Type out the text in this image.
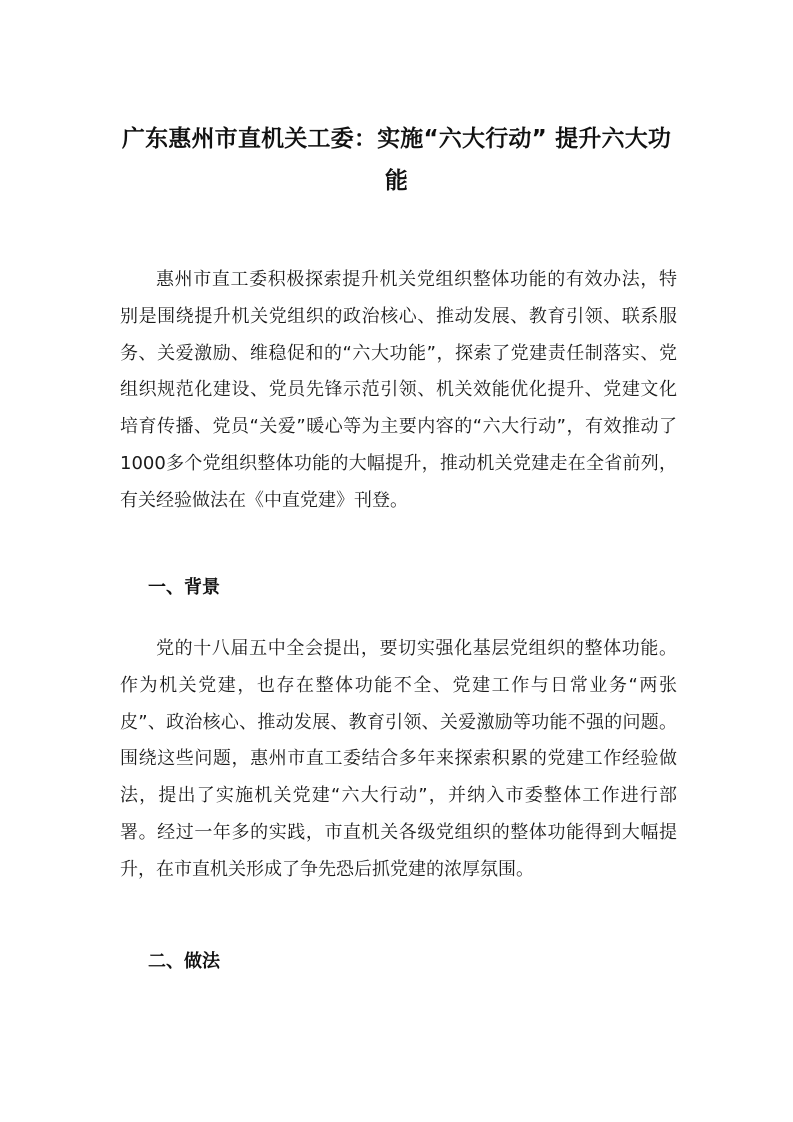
广东惠州市直机关工委：实施“六大行动” 提升六大功能

惠州市直工委积极探索提升机关党组织整体功能的有效办法，特别是围绕提升机关党组织的政治核心、推动发展、教育引领、联系服务、关爱激励、维稳促和的“六大功能”，探索了党建责任制落实、党组织规范化建设、党员先锋示范引领、机关效能优化提升、党建文化培育传播、党员“关爱”暖心等为主要内容的“六大行动”，有效推动了1000多个党组织整体功能的大幅提升，推动机关党建走在全省前列，有关经验做法在《中直党建》刊登。

一、背景

党的十八届五中全会提出，要切实强化基层党组织的整体功能。作为机关党建，也存在整体功能不全、党建工作与日常业务“两张皮”、政治核心、推动发展、教育引领、关爱激励等功能不强的问题。围绕这些问题，惠州市直工委结合多年来探索积累的党建工作经验做法，提出了实施机关党建“六大行动”，并纳入市委整体工作进行部署。经过一年多的实践，市直机关各级党组织的整体功能得到大幅提升，在市直机关形成了争先恐后抓党建的浓厚氛围。

二、做法
